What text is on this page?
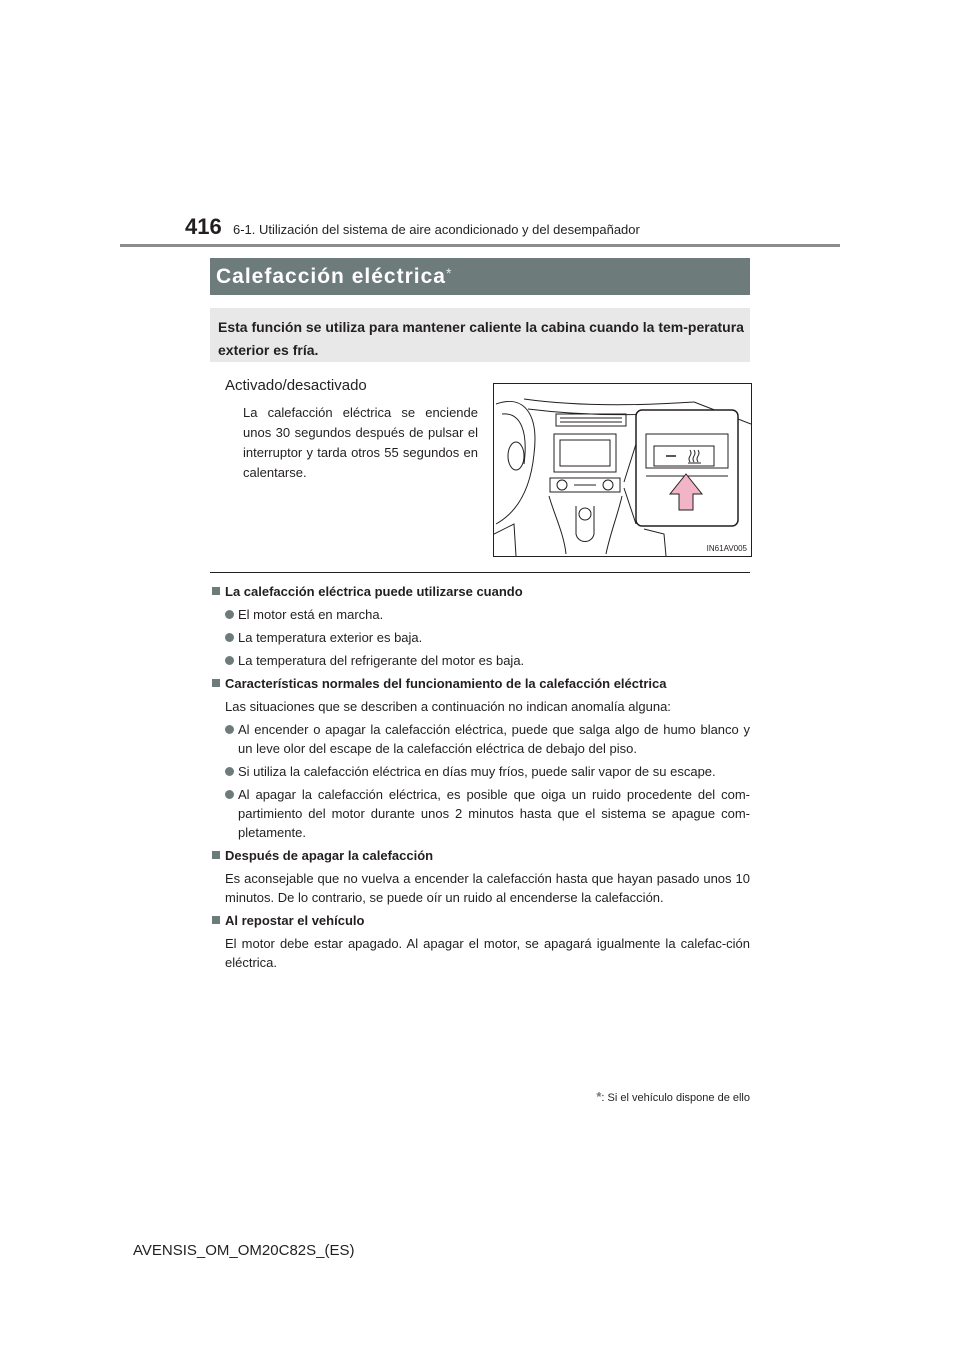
416 6-1. Utilización del sistema de aire acondicionado y del desempañador
Calefacción eléctrica*
Esta función se utiliza para mantener caliente la cabina cuando la tem-peratura exterior es fría.
Activado/desactivado
La calefacción eléctrica se enciende unos 30 segundos después de pulsar el interruptor y tarda otros 55 segundos en calentarse.
IN61AV005
La calefacción eléctrica puede utilizarse cuando
El motor está en marcha.
La temperatura exterior es baja.
La temperatura del refrigerante del motor es baja.
Características normales del funcionamiento de la calefacción eléctrica
Las situaciones que se describen a continuación no indican anomalía alguna:
Al encender o apagar la calefacción eléctrica, puede que salga algo de humo blanco y un leve olor del escape de la calefacción eléctrica de debajo del piso.
Si utiliza la calefacción eléctrica en días muy fríos, puede salir vapor de su escape.
Al apagar la calefacción eléctrica, es posible que oiga un ruido procedente del com-partimiento del motor durante unos 2 minutos hasta que el sistema se apague com-pletamente.
Después de apagar la calefacción
Es aconsejable que no vuelva a encender la calefacción hasta que hayan pasado unos 10 minutos. De lo contrario, se puede oír un ruido al encenderse la calefacción.
Al repostar el vehículo
El motor debe estar apagado. Al apagar el motor, se apagará igualmente la calefac-ción eléctrica.
*: Si el vehículo dispone de ello
AVENSIS_OM_OM20C82S_(ES)
